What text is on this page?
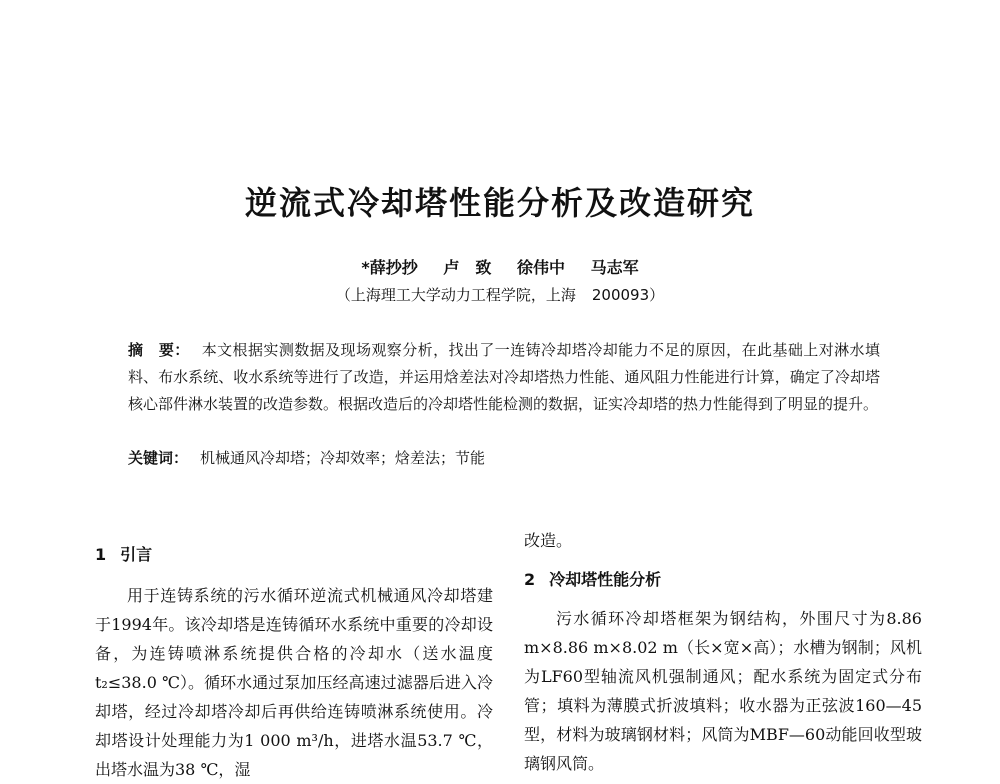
逆流式冷却塔性能分析及改造研究
*薛抄抄 卢　致 徐伟中 马志军
（上海理工大学动力工程学院，上海 200093）
摘　要： 本文根据实测数据及现场观察分析，找出了一连铸冷却塔冷却能力不足的原因，在此基础上对淋水填料、布水系统、收水系统等进行了改造，并运用焓差法对冷却塔热力性能、通风阻力性能进行计算，确定了冷却塔核心部件淋水装置的改造参数。根据改造后的冷却塔性能检测的数据，证实冷却塔的热力性能得到了明显的提升。
关键词： 机械通风冷却塔；冷却效率；焓差法；节能

1 引言

用于连铸系统的污水循环逆流式机械通风冷却塔建于1994年。该冷却塔是连铸循环水系统中重要的冷却设备，为连铸喷淋系统提供合格的冷却水（送水温度 t₂≤38.0 ℃）。循环水通过泵加压经高速过滤器后进入冷却塔，经过冷却塔冷却后再供给连铸喷淋系统使用。冷却塔设计处理能力为1 000 m³/h，进塔水温53.7 ℃，出塔水温为38 ℃，湿

改造。

2 冷却塔性能分析

污水循环冷却塔框架为钢结构，外围尺寸为8.86 m×8.86 m×8.02 m（长×宽×高）；水槽为钢制；风机为LF60型轴流风机强制通风；配水系统为固定式分布管；填料为薄膜式折波填料；收水器为正弦波160—45型，材料为玻璃钢材料；风筒为MBF—60动能回收型玻璃钢风筒。
